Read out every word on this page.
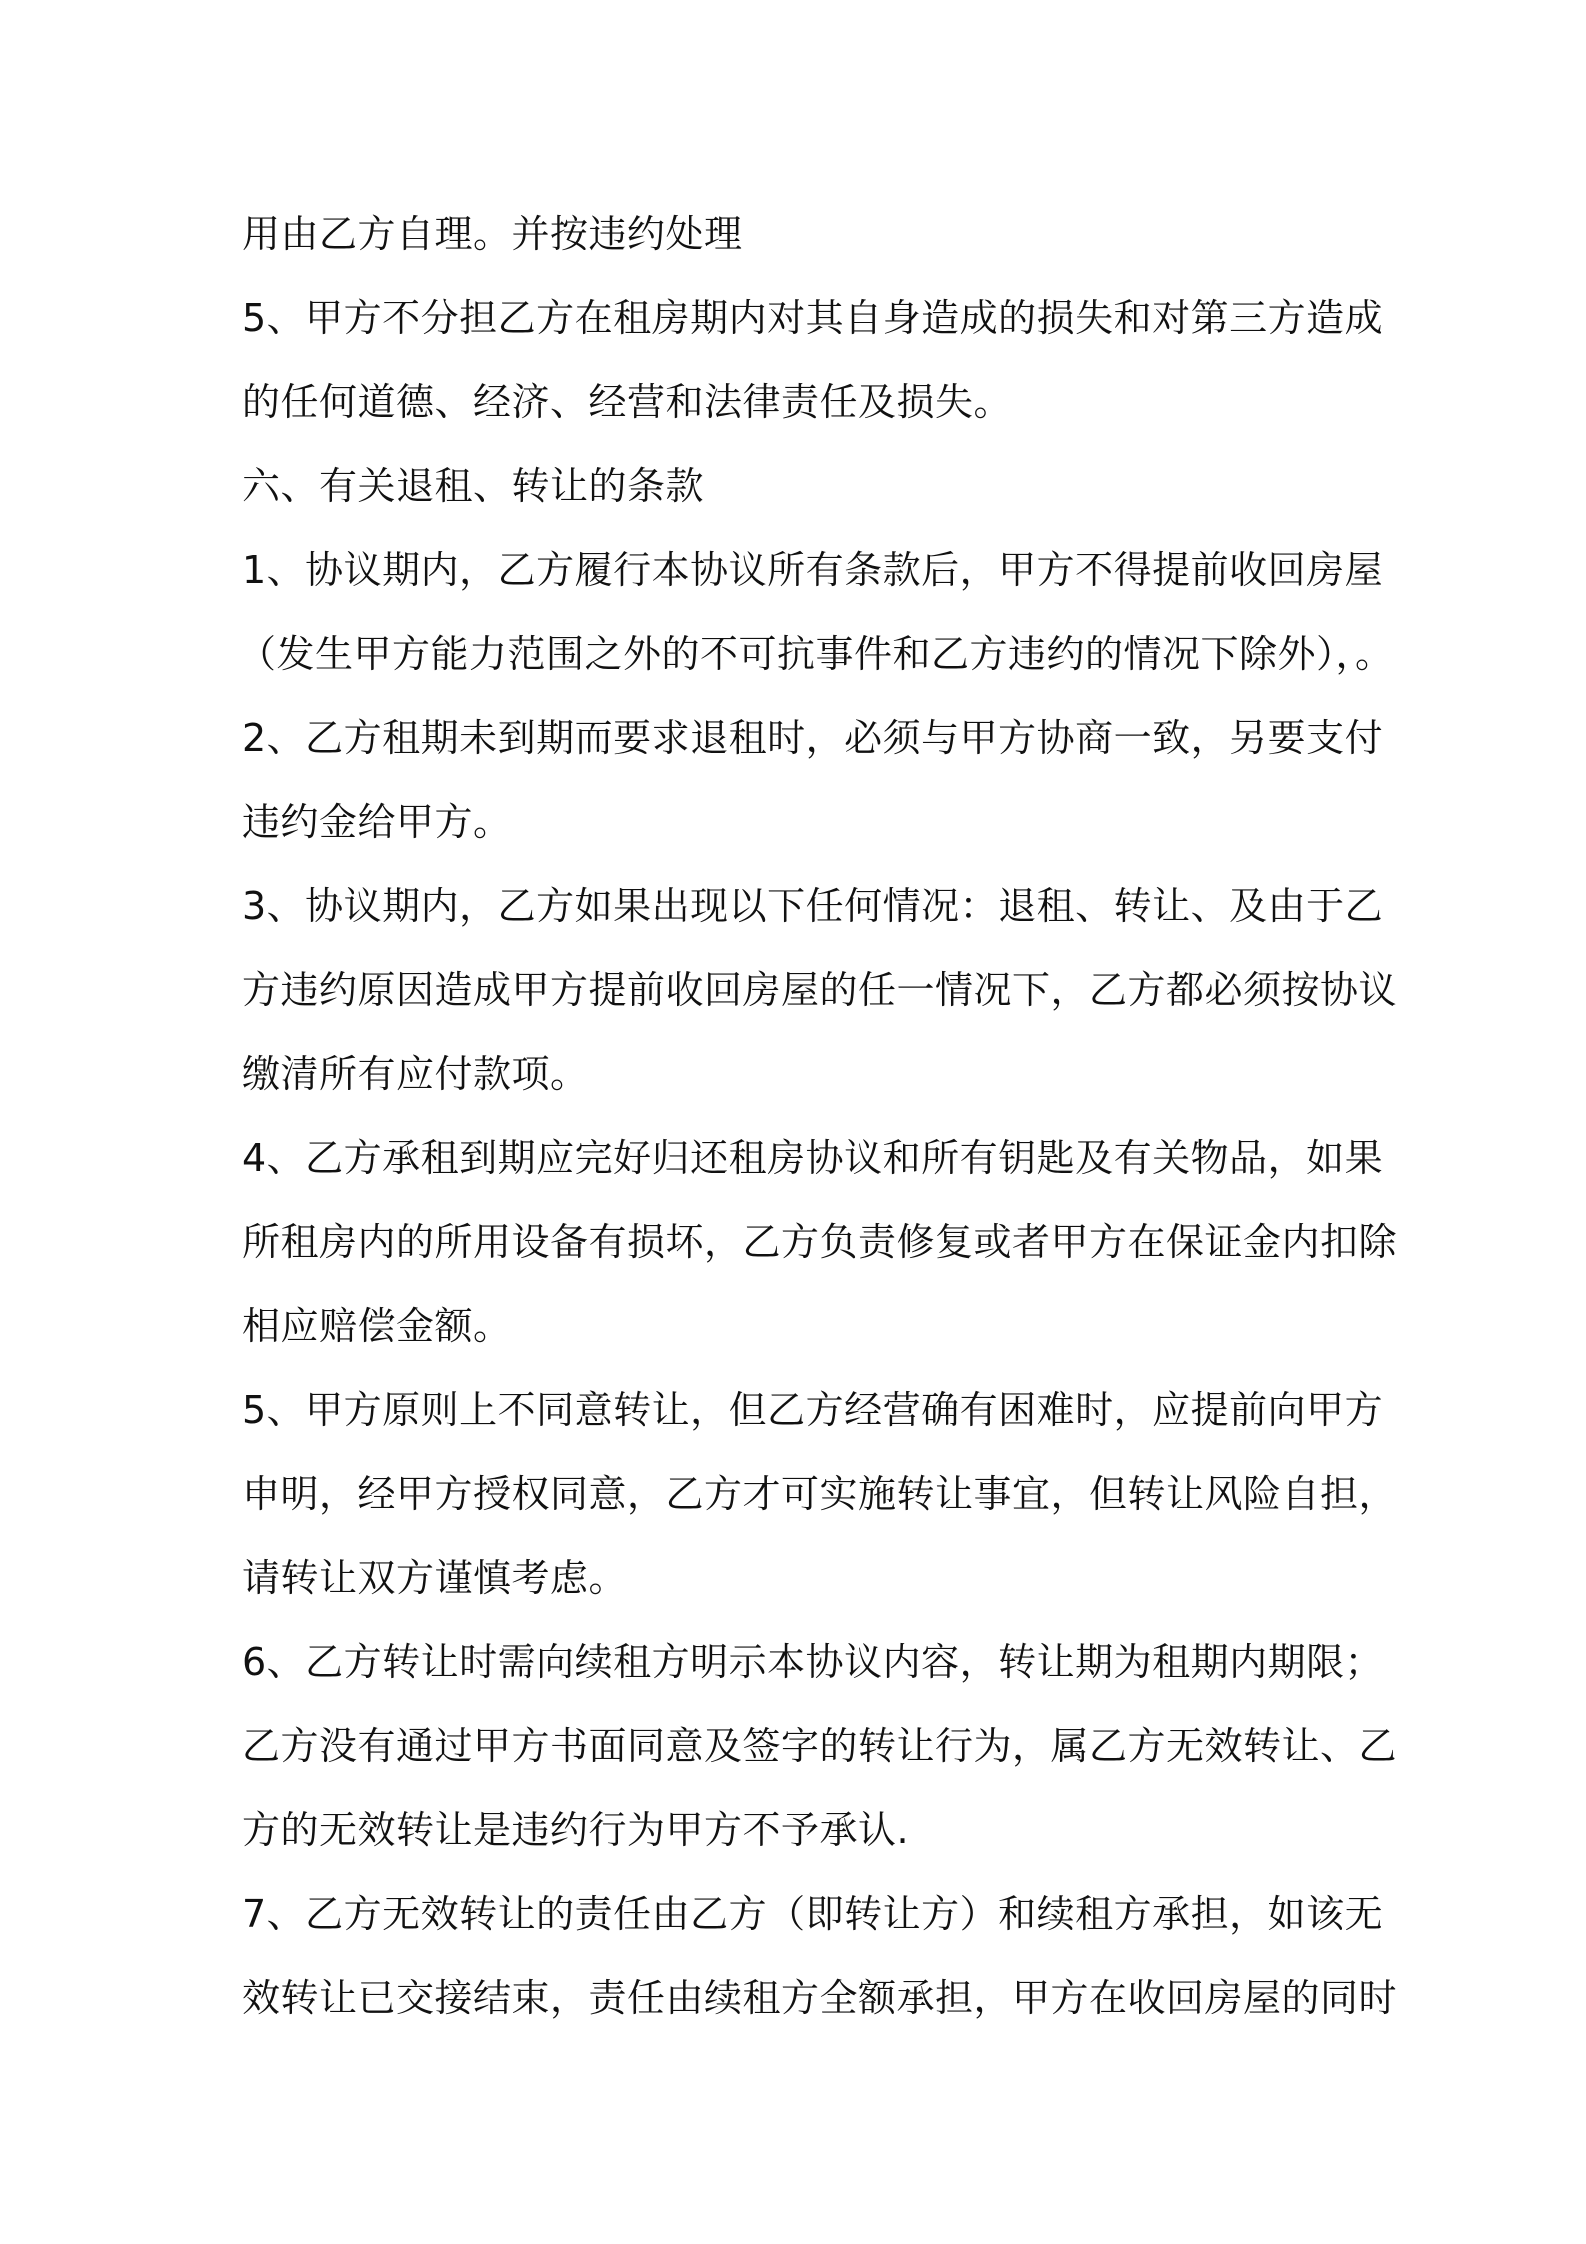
用由乙方自理。并按违约处理
5、甲方不分担乙方在租房期内对其自身造成的损失和对第三方造成
的任何道德、经济、经营和法律责任及损失。
六、有关退租、转让的条款
1、协议期内，乙方履行本协议所有条款后，甲方不得提前收回房屋
（发生甲方能力范围之外的不可抗事件和乙方违约的情况下除外），。
2、乙方租期未到期而要求退租时，必须与甲方协商一致，另要支付
违约金给甲方。
3、协议期内，乙方如果出现以下任何情况：退租、转让、及由于乙
方违约原因造成甲方提前收回房屋的任一情况下，乙方都必须按协议
缴清所有应付款项。
4、乙方承租到期应完好归还租房协议和所有钥匙及有关物品，如果
所租房内的所用设备有损坏，乙方负责修复或者甲方在保证金内扣除
相应赔偿金额。
5、甲方原则上不同意转让，但乙方经营确有困难时，应提前向甲方
申明，经甲方授权同意，乙方才可实施转让事宜，但转让风险自担，
请转让双方谨慎考虑。
6、乙方转让时需向续租方明示本协议内容，转让期为租期内期限；
乙方没有通过甲方书面同意及签字的转让行为，属乙方无效转让、乙
方的无效转让是违约行为甲方不予承认.
7、乙方无效转让的责任由乙方（即转让方）和续租方承担，如该无
效转让已交接结束，责任由续租方全额承担，甲方在收回房屋的同时
